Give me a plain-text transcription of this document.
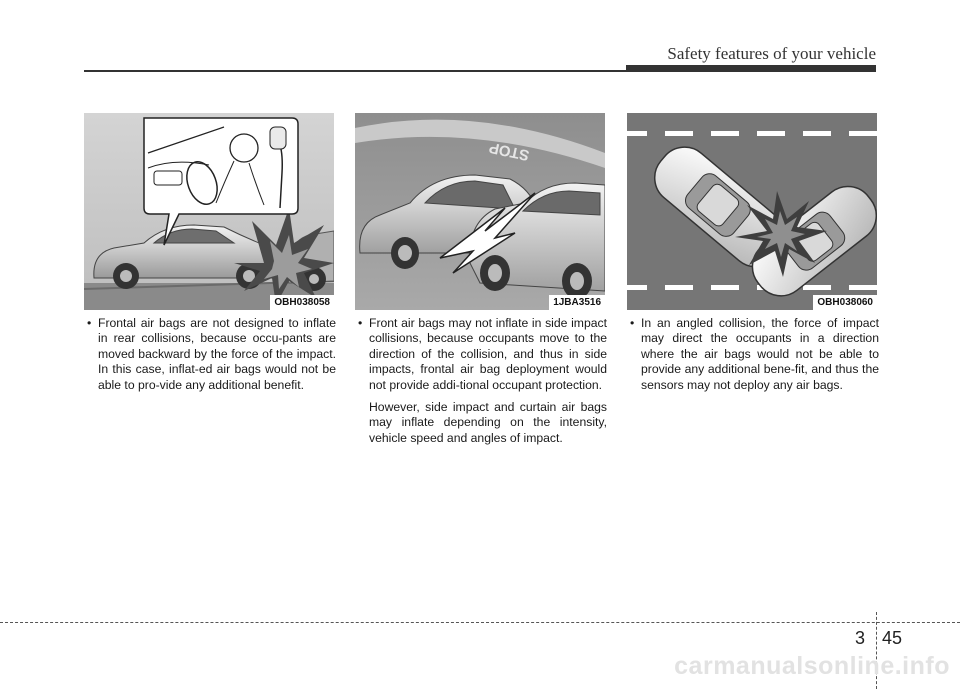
Safety features of your vehicle
OBH038058
STOP
1JBA3516	OBH038060

• Frontal air bags are not designed to inflate in rear collisions, because occu-pants are moved backward by the force of the impact. In this case, inflat-ed air bags would not be able to pro-vide any additional benefit.

• Front air bags may not inflate in side impact collisions, because occupants move to the direction of the collision, and thus in side impacts, frontal air bag deployment would not provide addi-tional occupant protection.

However, side impact and curtain air bags may inflate depending on the intensity, vehicle speed and angles of impact.

• In an angled collision, the force of impact may direct the occupants in a direction where the air bags would not be able to provide any additional bene-fit, and thus the sensors may not deploy any air bags.

3 45
carmanualsonline.info
